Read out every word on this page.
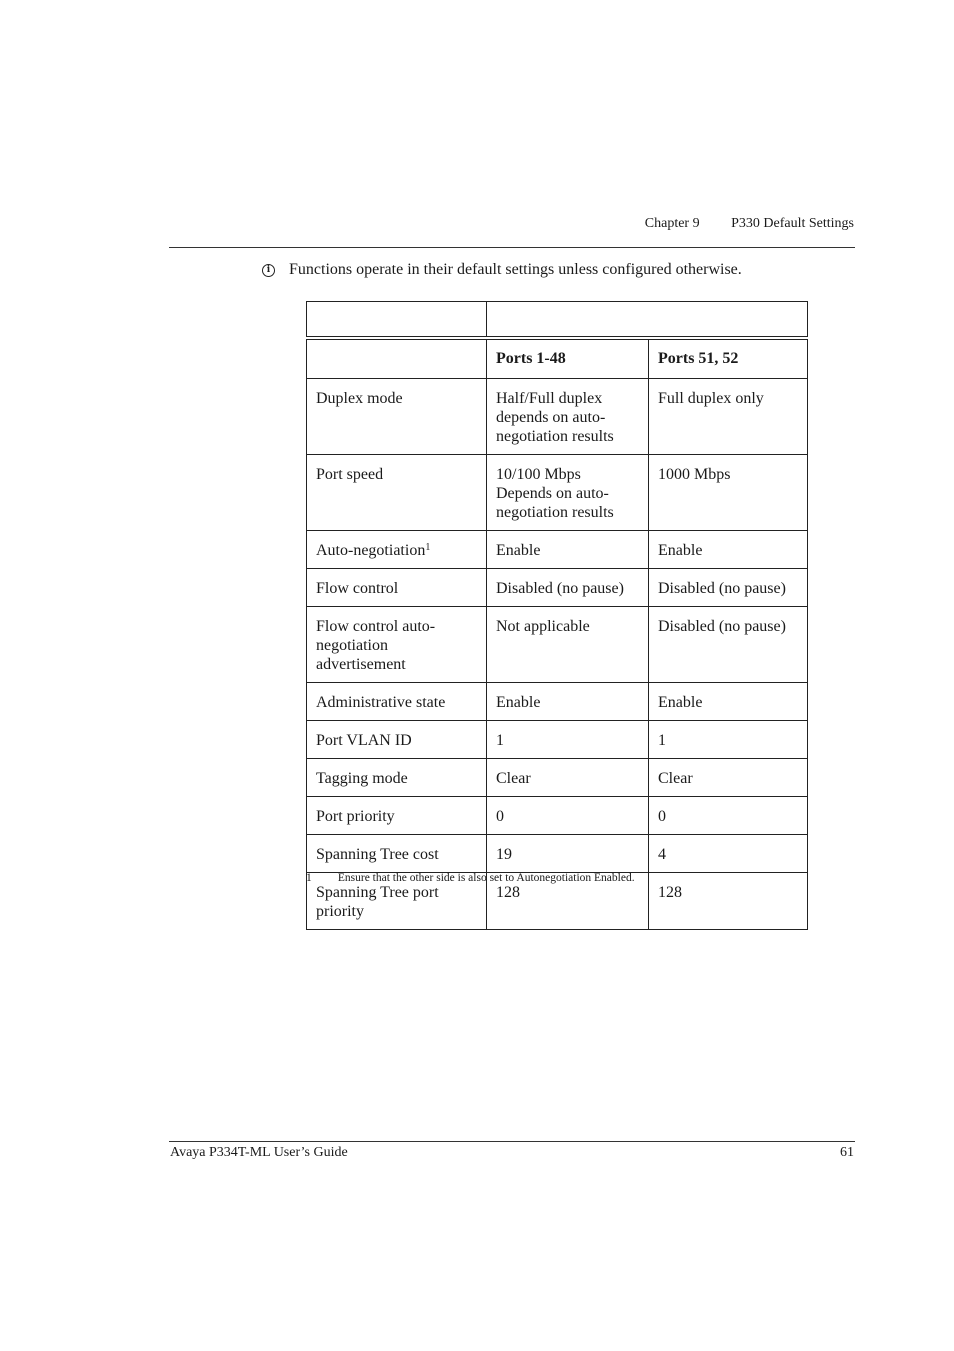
Chapter 9 P330 Default Settings
i Functions operate in their default settings unless configured otherwise.

	Ports 1-48	Ports 51, 52
Duplex mode	Half/Full duplex depends on auto-negotiation results	Full duplex only
Port speed	10/100 Mbps Depends on auto-negotiation results	1000 Mbps
Auto-negotiation$^1$	Enable	Enable
Flow control	Disabled (no pause)	Disabled (no pause)
Flow control auto-negotiation advertisement	Not applicable	Disabled (no pause)
Administrative state	Enable	Enable
Port VLAN ID	1	1
Tagging mode	Clear	Clear
Port priority	0	0
Spanning Tree cost	19	4
Spanning Tree port priority	128	128
1 Ensure that the other side is also set to Autonegotiation Enabled.
Avaya P334T-ML User’s Guide	61
